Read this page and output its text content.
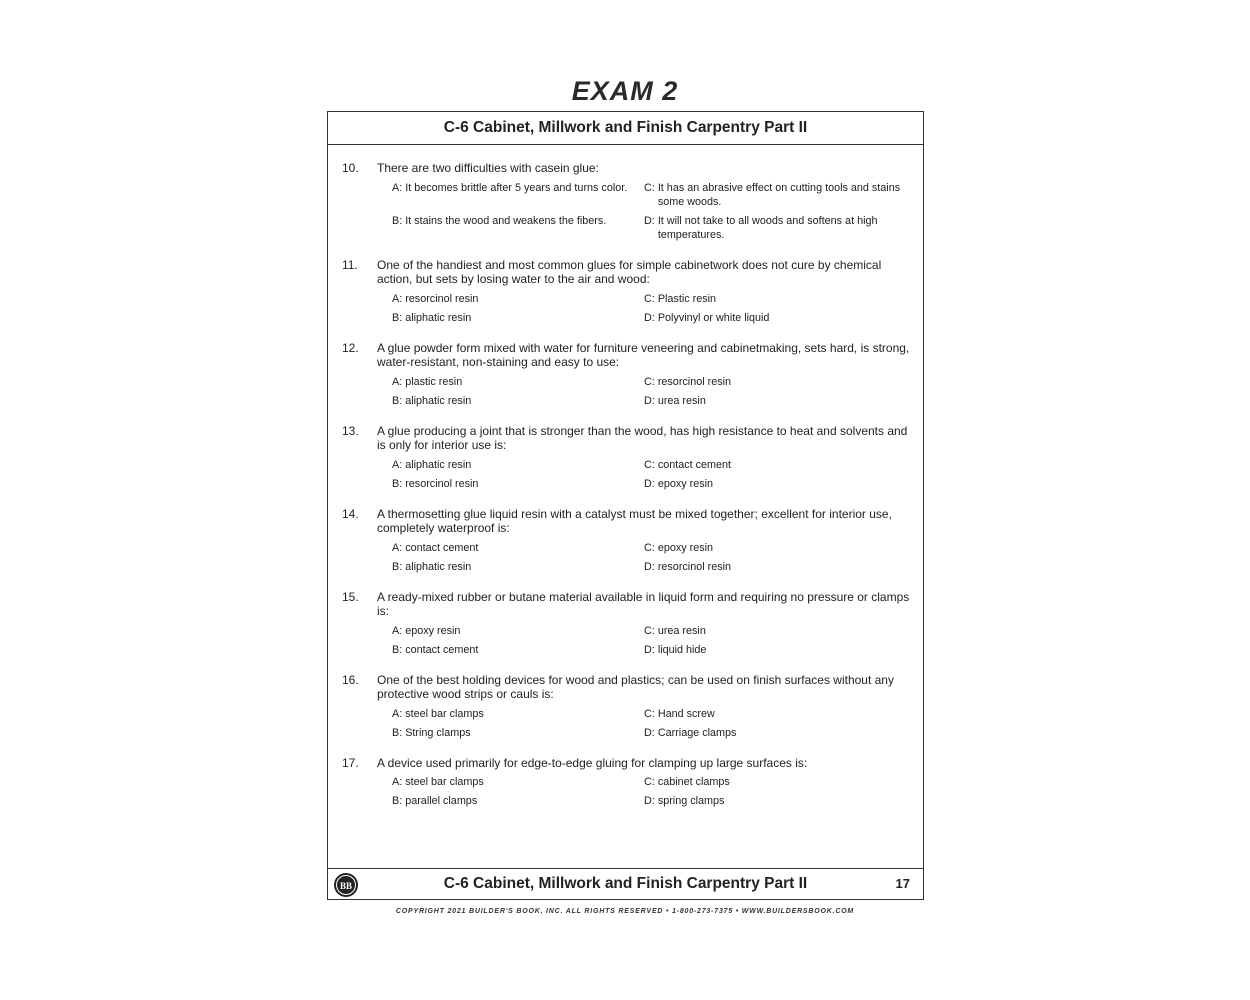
EXAM 2
C-6 Cabinet, Millwork and Finish Carpentry Part II
10.	There are two difficulties with casein glue:
A:
It becomes brittle after 5 years and turns color.	C:
It has an abrasive effect on cutting tools and stains some woods.
B:
It stains the wood and weakens the fibers.	D:
It will not take to all woods and softens at high temperatures.
11.	One of the handiest and most common glues for simple cabinetwork does not cure by chemical action, but sets by losing water to the air and wood:
A:
resorcinol resin	C:
Plastic resin
B:
aliphatic resin	D:
Polyvinyl or white liquid
12.	A glue powder form mixed with water for furniture veneering and cabinetmaking, sets hard, is strong, water-resistant, non-staining and easy to use:
A:
plastic resin	C:
resorcinol resin
B:
aliphatic resin	D:
urea resin
13.	A glue producing a joint that is stronger than the wood, has high resistance to heat and solvents and is only for interior use is:
A:
aliphatic resin	C:
contact cement
B:
resorcinol resin	D:
epoxy resin
14.	A thermosetting glue liquid resin with a catalyst must be mixed together; excellent for interior use, completely waterproof is:
A:
contact cement	C:
epoxy resin
B:
aliphatic resin	D:
resorcinol resin
15.	A ready-mixed rubber or butane material available in liquid form and requiring no pressure or clamps is:
A:
epoxy resin	C:
urea resin
B:
contact cement	D:
liquid hide
16.	One of the best holding devices for wood and plastics; can be used on finish surfaces without any protective wood strips or cauls is:
A:
steel bar clamps	C:
Hand screw
B:
String clamps	D:
Carriage clamps
17.	A device used primarily for edge-to-edge gluing for clamping up large surfaces is:
A:
steel bar clamps	C:
cabinet clamps
B:
parallel clamps	D:
spring clamps
BB	C-6 Cabinet, Millwork and Finish Carpentry Part II	17
COPYRIGHT 2021 BUILDER'S BOOK, INC. ALL RIGHTS RESERVED • 1-800-273-7375 • WWW.BUILDERSBOOK.COM
